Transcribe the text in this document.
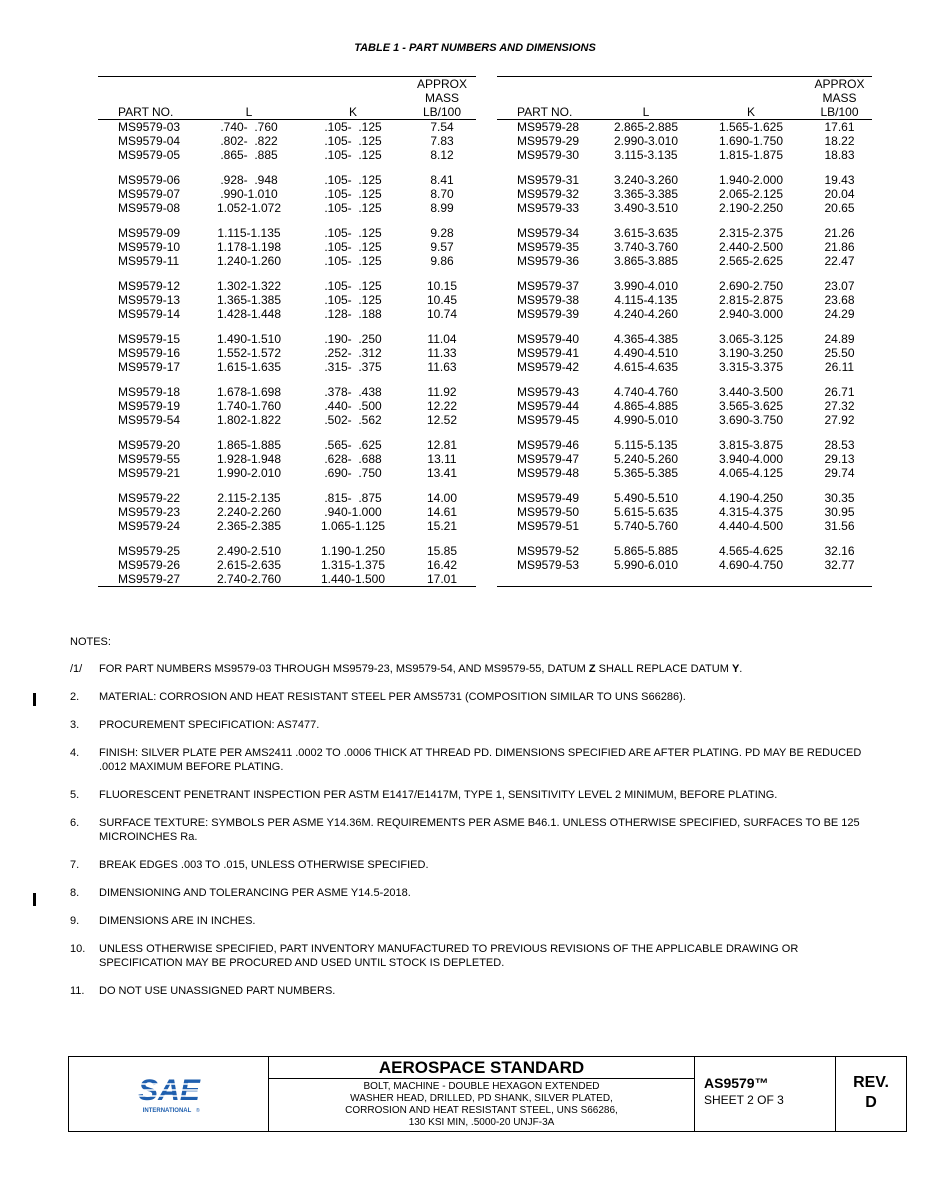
TABLE 1 - PART NUMBERS AND DIMENSIONS
PART NO.	L	K	APPROX
MASS
LB/100

MS9579-03	.740-  .760	.105-  .125	7.54
MS9579-04	.802-  .822	.105-  .125	7.83
MS9579-05	.865-  .885	.105-  .125	8.12

MS9579-06	.928-  .948	.105-  .125	8.41
MS9579-07	.990-1.010	.105-  .125	8.70
MS9579-08	1.052-1.072	.105-  .125	8.99

MS9579-09	1.115-1.135	.105-  .125	9.28
MS9579-10	1.178-1.198	.105-  .125	9.57
MS9579-11	1.240-1.260	.105-  .125	9.86

MS9579-12	1.302-1.322	.105-  .125	10.15
MS9579-13	1.365-1.385	.105-  .125	10.45
MS9579-14	1.428-1.448	.128-  .188	10.74

MS9579-15	1.490-1.510	.190-  .250	11.04
MS9579-16	1.552-1.572	.252-  .312	11.33
MS9579-17	1.615-1.635	.315-  .375	11.63

MS9579-18	1.678-1.698	.378-  .438	11.92
MS9579-19	1.740-1.760	.440-  .500	12.22
MS9579-54	1.802-1.822	.502-  .562	12.52

MS9579-20	1.865-1.885	.565-  .625	12.81
MS9579-55	1.928-1.948	.628-  .688	13.11
MS9579-21	1.990-2.010	.690-  .750	13.41

MS9579-22	2.115-2.135	.815-  .875	14.00
MS9579-23	2.240-2.260	.940-1.000	14.61
MS9579-24	2.365-2.385	1.065-1.125	15.21

MS9579-25	2.490-2.510	1.190-1.250	15.85
MS9579-26	2.615-2.635	1.315-1.375	16.42
MS9579-27	2.740-2.760	1.440-1.500	17.01
PART NO.	L	K	APPROX
MASS
LB/100

MS9579-28	2.865-2.885	1.565-1.625	17.61
MS9579-29	2.990-3.010	1.690-1.750	18.22
MS9579-30	3.115-3.135	1.815-1.875	18.83

MS9579-31	3.240-3.260	1.940-2.000	19.43
MS9579-32	3.365-3.385	2.065-2.125	20.04
MS9579-33	3.490-3.510	2.190-2.250	20.65

MS9579-34	3.615-3.635	2.315-2.375	21.26
MS9579-35	3.740-3.760	2.440-2.500	21.86
MS9579-36	3.865-3.885	2.565-2.625	22.47

MS9579-37	3.990-4.010	2.690-2.750	23.07
MS9579-38	4.115-4.135	2.815-2.875	23.68
MS9579-39	4.240-4.260	2.940-3.000	24.29

MS9579-40	4.365-4.385	3.065-3.125	24.89
MS9579-41	4.490-4.510	3.190-3.250	25.50
MS9579-42	4.615-4.635	3.315-3.375	26.11

MS9579-43	4.740-4.760	3.440-3.500	26.71
MS9579-44	4.865-4.885	3.565-3.625	27.32
MS9579-45	4.990-5.010	3.690-3.750	27.92

MS9579-46	5.115-5.135	3.815-3.875	28.53
MS9579-47	5.240-5.260	3.940-4.000	29.13
MS9579-48	5.365-5.385	4.065-4.125	29.74

MS9579-49	5.490-5.510	4.190-4.250	30.35
MS9579-50	5.615-5.635	4.315-4.375	30.95
MS9579-51	5.740-5.760	4.440-4.500	31.56

MS9579-52	5.865-5.885	4.565-4.625	32.16
MS9579-53	5.990-6.010	4.690-4.750	32.77

NOTES:
/1/	FOR PART NUMBERS MS9579-03 THROUGH MS9579-23, MS9579-54, AND MS9579-55, DATUM Z SHALL REPLACE DATUM Y.
2.	MATERIAL: CORROSION AND HEAT RESISTANT STEEL PER AMS5731 (COMPOSITION SIMILAR TO UNS S66286).
3.	PROCUREMENT SPECIFICATION: AS7477.
4.	FINISH: SILVER PLATE PER AMS2411 .0002 TO .0006 THICK AT THREAD PD. DIMENSIONS SPECIFIED ARE AFTER PLATING. PD MAY BE REDUCED .0012 MAXIMUM BEFORE PLATING.
5.	FLUORESCENT PENETRANT INSPECTION PER ASTM E1417/E1417M, TYPE 1, SENSITIVITY LEVEL 2 MINIMUM, BEFORE PLATING.
6.	SURFACE TEXTURE: SYMBOLS PER ASME Y14.36M. REQUIREMENTS PER ASME B46.1. UNLESS OTHERWISE SPECIFIED, SURFACES TO BE 125 MICROINCHES Ra.
7.	BREAK EDGES .003 TO .015, UNLESS OTHERWISE SPECIFIED.
8.	DIMENSIONING AND TOLERANCING PER ASME Y14.5-2018.
9.	DIMENSIONS ARE IN INCHES.
10.	UNLESS OTHERWISE SPECIFIED, PART INVENTORY MANUFACTURED TO PREVIOUS REVISIONS OF THE APPLICABLE DRAWING OR SPECIFICATION MAY BE PROCURED AND USED UNTIL STOCK IS DEPLETED.
11.	DO NOT USE UNASSIGNED PART NUMBERS.
SAE
INTERNATIONAL ®
AEROSPACE STANDARD
BOLT, MACHINE - DOUBLE HEXAGON EXTENDED
WASHER HEAD, DRILLED, PD SHANK, SILVER PLATED,
CORROSION AND HEAT RESISTANT STEEL, UNS S66286,
130 KSI MIN, .5000-20 UNJF-3A
AS9579™
SHEET 2 OF 3
REV.
D
